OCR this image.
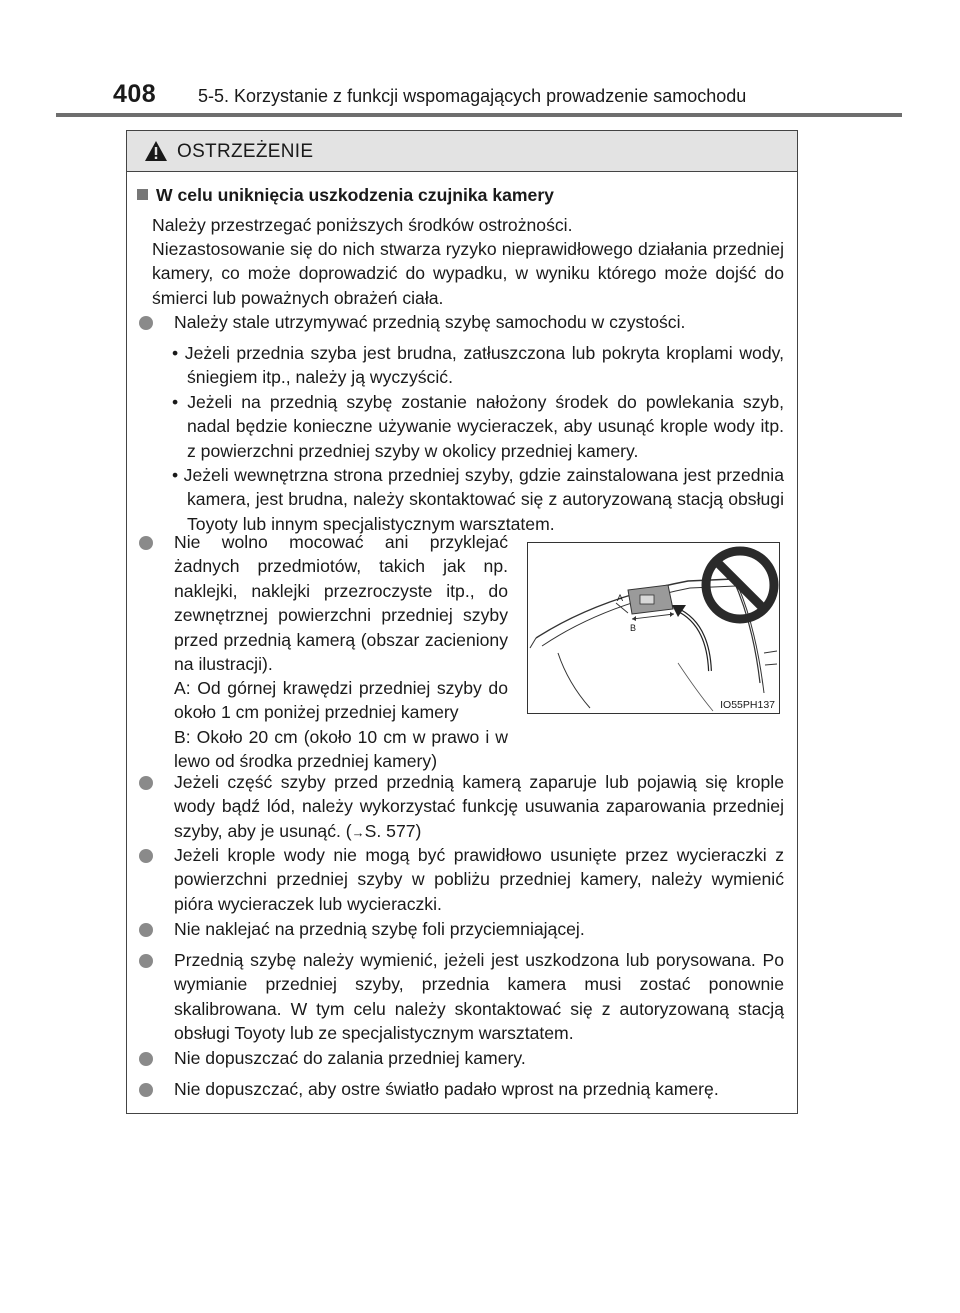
408 5-5. Korzystanie z funkcji wspomagających prowadzenie samochodu
OSTRZEŻENIE
W celu uniknięcia uszkodzenia czujnika kamery
Należy przestrzegać poniższych środków ostrożności.
Niezastosowanie się do nich stwarza ryzyko nieprawidłowego działania przedniej kamery, co może doprowadzić do wypadku, w wyniku którego może dojść do śmierci lub poważnych obrażeń ciała.
Należy stale utrzymywać przednią szybę samochodu w czystości.
• Jeżeli przednia szyba jest brudna, zatłuszczona lub pokryta kroplami wody, śniegiem itp., należy ją wyczyścić.
• Jeżeli na przednią szybę zostanie nałożony środek do powlekania szyb, nadal będzie konieczne używanie wycieraczek, aby usunąć krople wody itp. z powierzchni przedniej szyby w okolicy przedniej kamery.
• Jeżeli wewnętrzna strona przedniej szyby, gdzie zainstalowana jest przednia kamera, jest brudna, należy skontaktować się z autoryzowaną stacją obsługi Toyoty lub innym specjalistycznym warsztatem.
Nie wolno mocować ani przyklejać żadnych przedmiotów, takich jak np. naklejki, naklejki przezroczyste itp., do zewnętrznej powierzchni przedniej szyby przed przednią kamerą (obszar zacieniony na ilustracji).
A: Od górnej krawędzi przedniej szyby do około 1 cm poniżej przedniej kamery
B: Około 20 cm (około 10 cm w prawo i w lewo od środka przedniej kamery)
A
B
IO55PH137
Jeżeli część szyby przed przednią kamerą zaparuje lub pojawią się krople wody bądź lód, należy wykorzystać funkcję usuwania zaparowania przedniej szyby, aby je usunąć. (→S. 577)
Jeżeli krople wody nie mogą być prawidłowo usunięte przez wycieraczki z powierzchni przedniej szyby w pobliżu przedniej kamery, należy wymienić pióra wycieraczek lub wycieraczki.
Nie naklejać na przednią szybę foli przyciemniającej.
Przednią szybę należy wymienić, jeżeli jest uszkodzona lub porysowana. Po wymianie przedniej szyby, przednia kamera musi zostać ponownie skalibrowana. W tym celu należy skontaktować się z autoryzowaną stacją obsługi Toyoty lub ze specjalistycznym warsztatem.
Nie dopuszczać do zalania przedniej kamery.
Nie dopuszczać, aby ostre światło padało wprost na przednią kamerę.
